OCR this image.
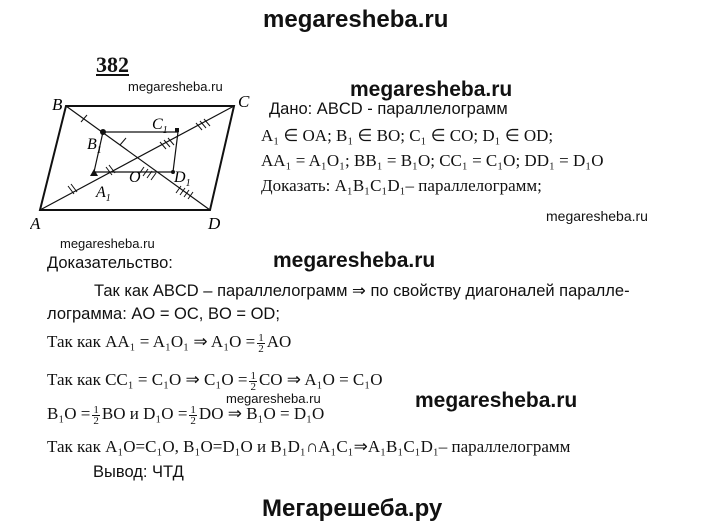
megaresheba.ru
382
megaresheba.ru	megaresheba.ru
megaresheba.ru
megaresheba.ru
megaresheba.ru
megaresheba.ru	megaresheba.ru
B	C
A	D
O
$B_1$
$C_1$
$D_1$
$A_1$
Дано: ABCD - параллелограмм
A₁ ∈ OA; B₁ ∈ BO; C₁ ∈ CO; D₁ ∈ OD;
AA₁ = A₁O₁; BB₁ = B₁O; CC₁ = C₁O; DD₁ = D₁O
Доказать: A₁B₁C₁D₁– параллелограмм;
Доказательство:
Так как ABCD – параллелограмм ⇒ по свойству диагоналей паралле-
лограмма: AO = OC, BO = OD;
Так как AA₁ = A₁O₁ ⇒ $A_1O = \frac{1}{2}$ AO
Так как CC₁ = C₁O ⇒ $C_1O = \frac{1}{2}$ CO ⇒ A₁O = C₁O
$B_1O = \frac{1}{2}$ BO и $D_1O = \frac{1}{2}$ DO ⇒ B₁O = D₁O
Так как A₁O=C₁O, B₁O=D₁O и B₁D₁∩A₁C₁⇒A₁B₁C₁D₁– параллелограмм
Вывод: ЧТД
Мегарешеба.ру
